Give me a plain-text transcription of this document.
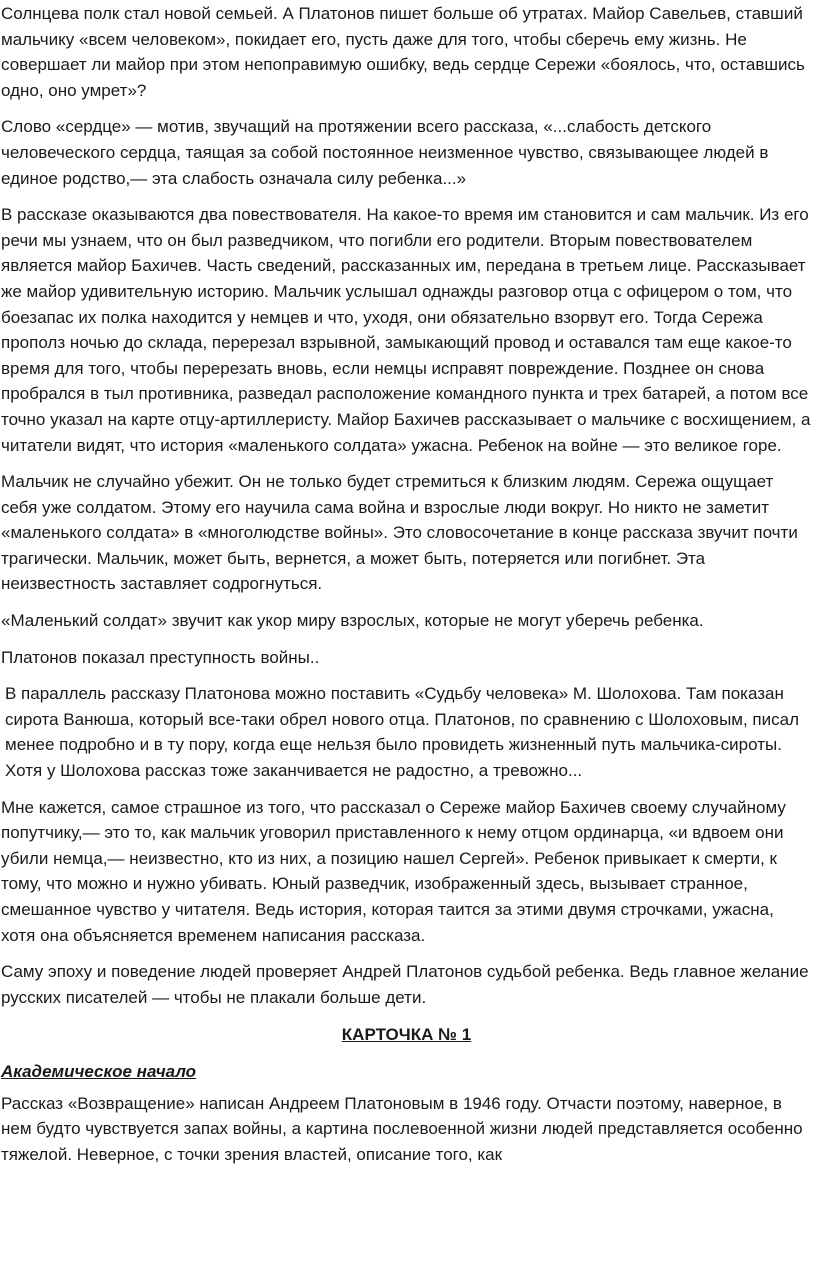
Солнцева полк стал новой семьей. А Платонов пишет больше об утратах. Майор Савельев, ставший мальчику «всем человеком», покидает его, пусть даже для того, чтобы сберечь ему жизнь. Не совершает ли майор при этом непоправимую ошибку, ведь сердце Сережи «боялось, что, оставшись одно, оно умрет»?

Слово «сердце» — мотив, звучащий на протяжении всего рассказа, «...слабость детского человеческого сердца, таящая за собой постоянное неизменное чувство, связывающее людей в единое родство,— эта слабость означала силу ребенка...»

В рассказе оказываются два повествователя. На какое-то время им становится и сам мальчик. Из его речи мы узнаем, что он был разведчиком, что погибли его родители. Вторым повествователем является майор Бахичев. Часть сведений, рассказанных им, передана в третьем лице. Рассказывает же майор удивительную историю. Мальчик услышал однажды разговор отца с офицером о том, что боезапас их полка находится у немцев и что, уходя, они обязательно взорвут его. Тогда Сережа прополз ночью до склада, перерезал взрывной, замыкающий провод и оставался там еще какое-то время для того, чтобы перерезать вновь, если немцы исправят повреждение. Позднее он снова пробрался в тыл противника, разведал расположение командного пункта и трех батарей, а потом все точно указал на карте отцу-артиллеристу. Майор Бахичев рассказывает о мальчике с восхищением, а читатели видят, что история «маленького солдата» ужасна. Ребенок на войне — это великое горе.

Мальчик не случайно убежит. Он не только будет стремиться к близким людям. Сережа ощущает себя уже солдатом. Этому его научила сама война и взрослые люди вокруг. Но никто не заметит «маленького солдата» в «многолюдстве войны». Это словосочетание в конце рассказа звучит почти трагически. Мальчик, может быть, вернется, а может быть, потеряется или погибнет. Эта неизвестность заставляет содрогнуться.

«Маленький солдат» звучит как укор миру взрослых, которые не могут уберечь ребенка.

Платонов показал преступность войны..

В параллель рассказу Платонова можно поставить «Судьбу человека» М. Шолохова. Там показан сирота Ванюша, который все-таки обрел нового отца. Платонов, по сравнению с Шолоховым, писал менее подробно и в ту пору, когда еще нельзя было провидеть жизненный путь мальчика-сироты. Хотя у Шолохова рассказ тоже заканчивается не радостно, а тревожно...

Мне кажется, самое страшное из того, что рассказал о Сереже майор Бахичев своему случайному попутчику,— это то, как мальчик уговорил приставленного к нему отцом ординарца, «и вдвоем они убили немца,— неизвестно, кто из них, а позицию нашел Сергей». Ребенок привыкает к смерти, к тому, что можно и нужно убивать. Юный разведчик, изображенный здесь, вызывает странное, смешанное чувство у читателя. Ведь история, которая таится за этими двумя строчками, ужасна, хотя она объясняется временем написания рассказа.

Саму эпоху и поведение людей проверяет Андрей Платонов судьбой ребенка. Ведь главное желание русских писателей — чтобы не плакали больше дети.

КАРТОЧКА № 1
Академическое начало

Рассказ «Возвращение» написан Андреем Платоновым в 1946 году. Отчасти поэтому, наверное, в нем будто чувствуется запах войны, а картина послевоенной жизни людей представляется особенно тяжелой. Неверное, с точки зрения властей, описание того, как
